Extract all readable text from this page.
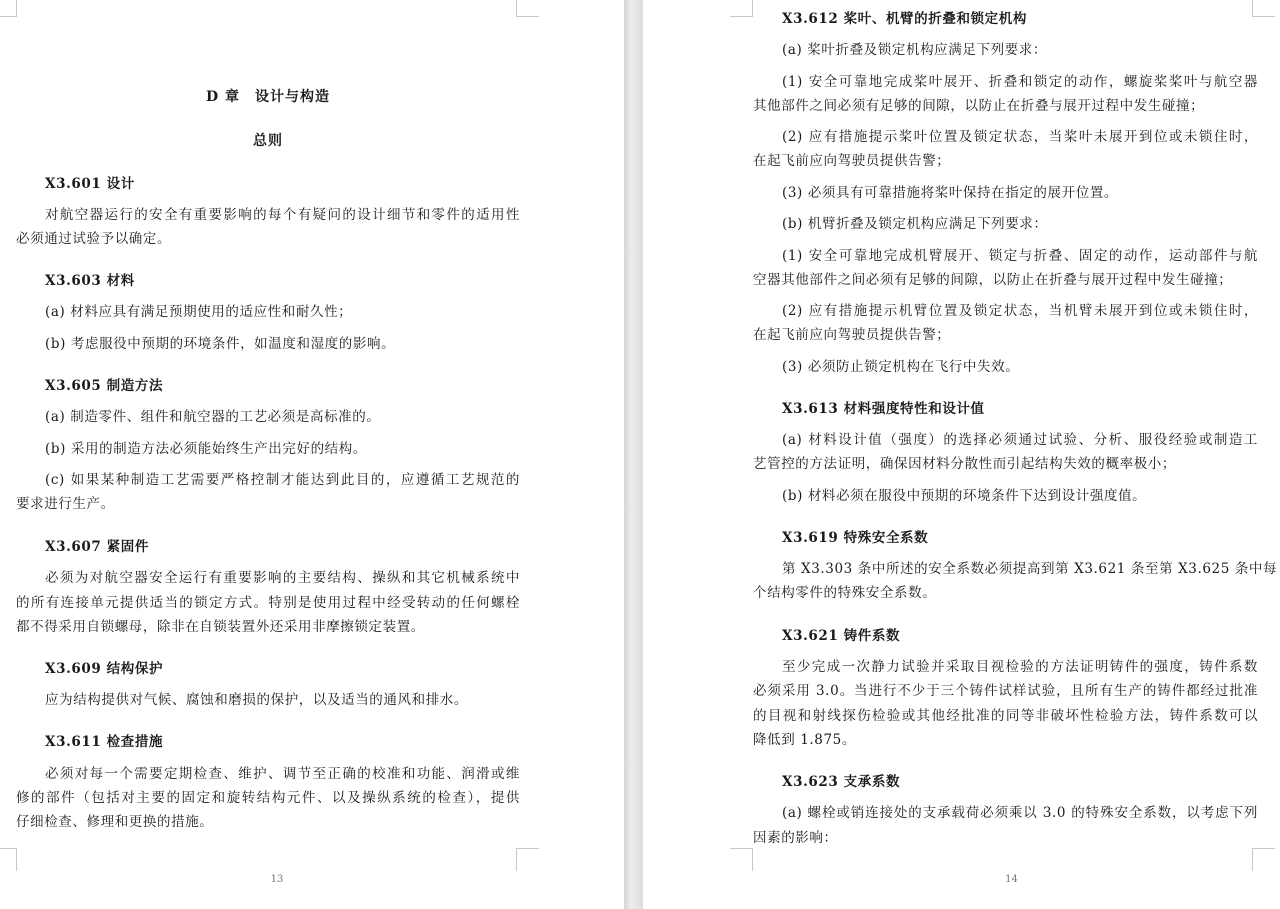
D 章　设计与构造
总则
X3.601 设计
对航空器运行的安全有重要影响的每个有疑问的设计细节和零件的适用性
必须通过试验予以确定。
X3.603 材料
(a) 材料应具有满足预期使用的适应性和耐久性；
(b) 考虑服役中预期的环境条件，如温度和湿度的影响。
X3.605 制造方法
(a) 制造零件、组件和航空器的工艺必须是高标准的。
(b) 采用的制造方法必须能始终生产出完好的结构。
(c) 如果某种制造工艺需要严格控制才能达到此目的，应遵循工艺规范的
要求进行生产。
X3.607 紧固件
必须为对航空器安全运行有重要影响的主要结构、操纵和其它机械系统中
的所有连接单元提供适当的锁定方式。特别是使用过程中经受转动的任何螺栓
都不得采用自锁螺母，除非在自锁装置外还采用非摩擦锁定装置。
X3.609 结构保护
应为结构提供对气候、腐蚀和磨损的保护，以及适当的通风和排水。
X3.611 检查措施
必须对每一个需要定期检查、维护、调节至正确的校准和功能、润滑或维
修的部件（包括对主要的固定和旋转结构元件、以及操纵系统的检查），提供
仔细检查、修理和更换的措施。
13
X3.612 桨叶、机臂的折叠和锁定机构
(a) 桨叶折叠及锁定机构应满足下列要求：
(1) 安全可靠地完成桨叶展开、折叠和锁定的动作，螺旋桨桨叶与航空器
其他部件之间必须有足够的间隙，以防止在折叠与展开过程中发生碰撞；
(2) 应有措施提示桨叶位置及锁定状态，当桨叶未展开到位或未锁住时，
在起飞前应向驾驶员提供告警；
(3) 必须具有可靠措施将桨叶保持在指定的展开位置。
(b) 机臂折叠及锁定机构应满足下列要求：
(1) 安全可靠地完成机臂展开、锁定与折叠、固定的动作，运动部件与航
空器其他部件之间必须有足够的间隙，以防止在折叠与展开过程中发生碰撞；
(2) 应有措施提示机臂位置及锁定状态，当机臂未展开到位或未锁住时，
在起飞前应向驾驶员提供告警；
(3) 必须防止锁定机构在飞行中失效。
X3.613 材料强度特性和设计值
(a) 材料设计值（强度）的选择必须通过试验、分析、服役经验或制造工
艺管控的方法证明，确保因材料分散性而引起结构失效的概率极小；
(b) 材料必须在服役中预期的环境条件下达到设计强度值。
X3.619 特殊安全系数
第 X3.303 条中所述的安全系数必须提高到第 X3.621 条至第 X3.625 条中每
个结构零件的特殊安全系数。
X3.621 铸件系数
至少完成一次静力试验并采取目视检验的方法证明铸件的强度，铸件系数
必须采用 3.0。当进行不少于三个铸件试样试验，且所有生产的铸件都经过批准
的目视和射线探伤检验或其他经批准的同等非破坏性检验方法，铸件系数可以
降低到 1.875。
X3.623 支承系数
(a) 螺栓或销连接处的支承载荷必须乘以 3.0 的特殊安全系数，以考虑下列
因素的影响：
14
